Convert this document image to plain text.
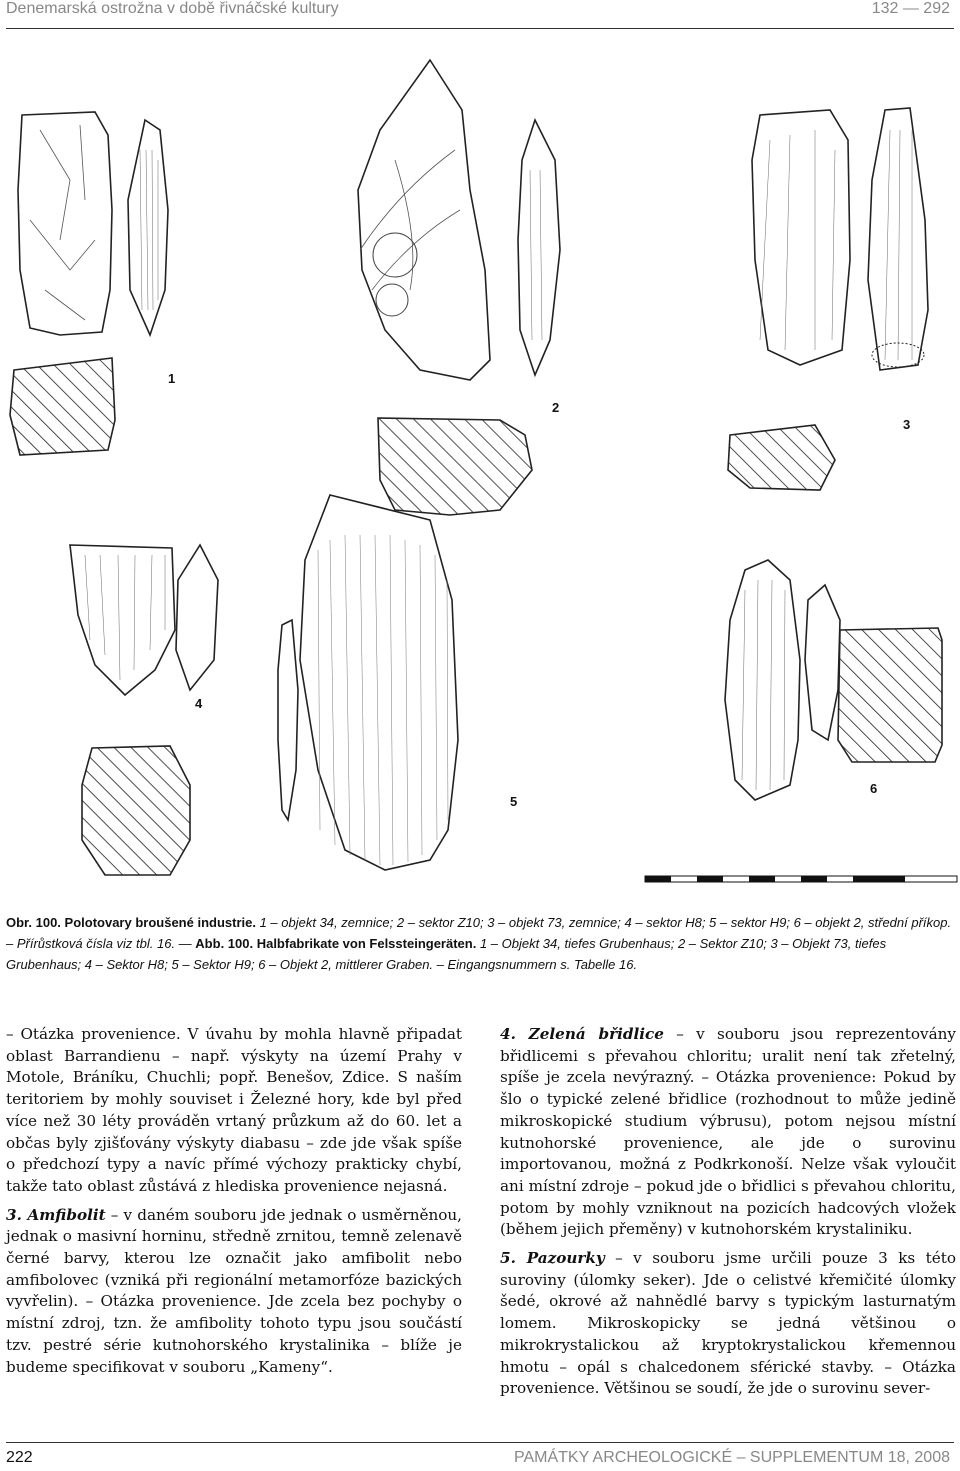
Denemarská ostrožna v době řivnáčské kultury	132 — 292
1
2
3
4
5
6
Obr. 100. Polotovary broušené industrie. 1 – objekt 34, zemnice; 2 – sektor Z10; 3 – objekt 73, zemnice; 4 – sektor H8; 5 – sektor H9; 6 – objekt 2, střední příkop. – Přírůstková čísla viz tbl. 16. — Abb. 100. Halbfabrikate von Felssteingeräten. 1 – Objekt 34, tiefes Grubenhaus; 2 – Sektor Z10; 3 – Objekt 73, tiefes Grubenhaus; 4 – Sektor H8; 5 – Sektor H9; 6 – Objekt 2, mittlerer Graben. – Eingangsnummern s. Tabelle 16.

– Otázka provenience. V úvahu by mohla hlavně připadat oblast Barrandienu – např. výskyty na území Prahy v Motole, Bráníku, Chuchli; popř. Benešov, Zdice. S naším teritoriem by mohly souviset i Železné hory, kde byl před více než 30 léty prováděn vrtaný průzkum až do 60. let a občas byly zjišťovány výskyty diabasu – zde jde však spíše o předchozí typy a navíc přímé výchozy prakticky chybí, takže tato oblast zůstává z hlediska provenience nejasná.

3. Amfibolit – v daném souboru jde jednak o usměrněnou, jednak o masivní horninu, středně zrnitou, temně zelenavě černé barvy, kterou lze označit jako amfibolit nebo amfibolovec (vzniká při regionální metamorfóze bazických vyvřelin). – Otázka provenience. Jde zcela bez pochyby o místní zdroj, tzn. že amfibolity tohoto typu jsou součástí tzv. pestré série kutnohorského krystalinika – blíže je budeme specifikovat v souboru „Kameny“.

4. Zelená břidlice – v souboru jsou reprezentovány břidlicemi s převahou chloritu; uralit není tak zřetelný, spíše je zcela nevýrazný. – Otázka provenience: Pokud by šlo o typické zelené břidlice (rozhodnout to může jedině mikroskopické studium výbrusu), potom nejsou místní kutnohorské provenience, ale jde o surovinu importovanou, možná z Podkrkonoší. Nelze však vyloučit ani místní zdroje – pokud jde o břidlici s převahou chloritu, potom by mohly vzniknout na pozicích hadcových vložek (během jejich přeměny) v kutnohorském krystaliniku.

5. Pazourky – v souboru jsme určili pouze 3 ks této suroviny (úlomky seker). Jde o celistvé křemičité úlomky šedé, okrové až nahnědlé barvy s typickým lasturnatým lomem. Mikroskopicky se jedná většinou o mikrokrystalickou až kryptokrystalickou křemennou hmotu – opál s chalcedonem sférické stavby. – Otázka provenience. Většinou se soudí, že jde o surovinu sever-

222	PAMÁTKY ARCHEOLOGICKÉ – SUPPLEMENTUM 18, 2008
